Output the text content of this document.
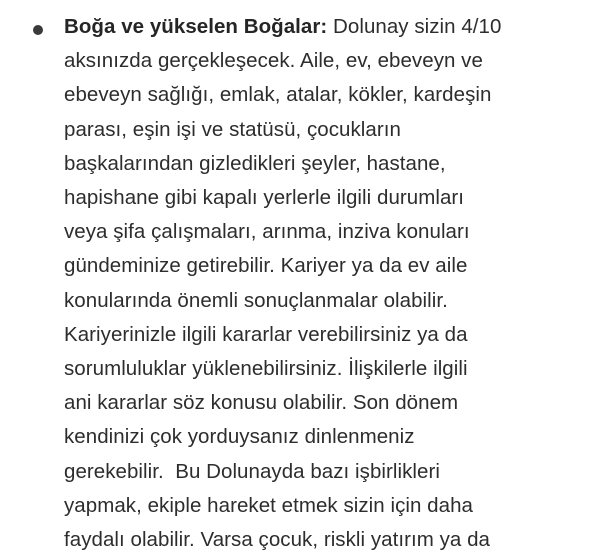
Boğa ve yükselen Boğalar: Dolunay sizin 4/10
aksınızda gerçekleşecek. Aile, ev, ebeveyn ve
ebeveyn sağlığı, emlak, atalar, kökler, kardeşin
parası, eşin işi ve statüsü, çocukların
başkalarından gizledikleri şeyler, hastane,
hapishane gibi kapalı yerlerle ilgili durumları
veya şifa çalışmaları, arınma, inziva konuları
gündeminize getirebilir. Kariyer ya da ev aile
konularında önemli sonuçlanmalar olabilir.
Kariyerinizle ilgili kararlar verebilirsiniz ya da
sorumluluklar yüklenebilirsiniz. İlişkilerle ilgili
ani kararlar söz konusu olabilir. Son dönem
kendinizi çok yorduysanız dinlenmeniz
gerekebilir.  Bu Dolunayda bazı işbirlikleri
yapmak, ekiple hareket etmek sizin için daha
faydalı olabilir. Varsa çocuk, riskli yatırım ya da
